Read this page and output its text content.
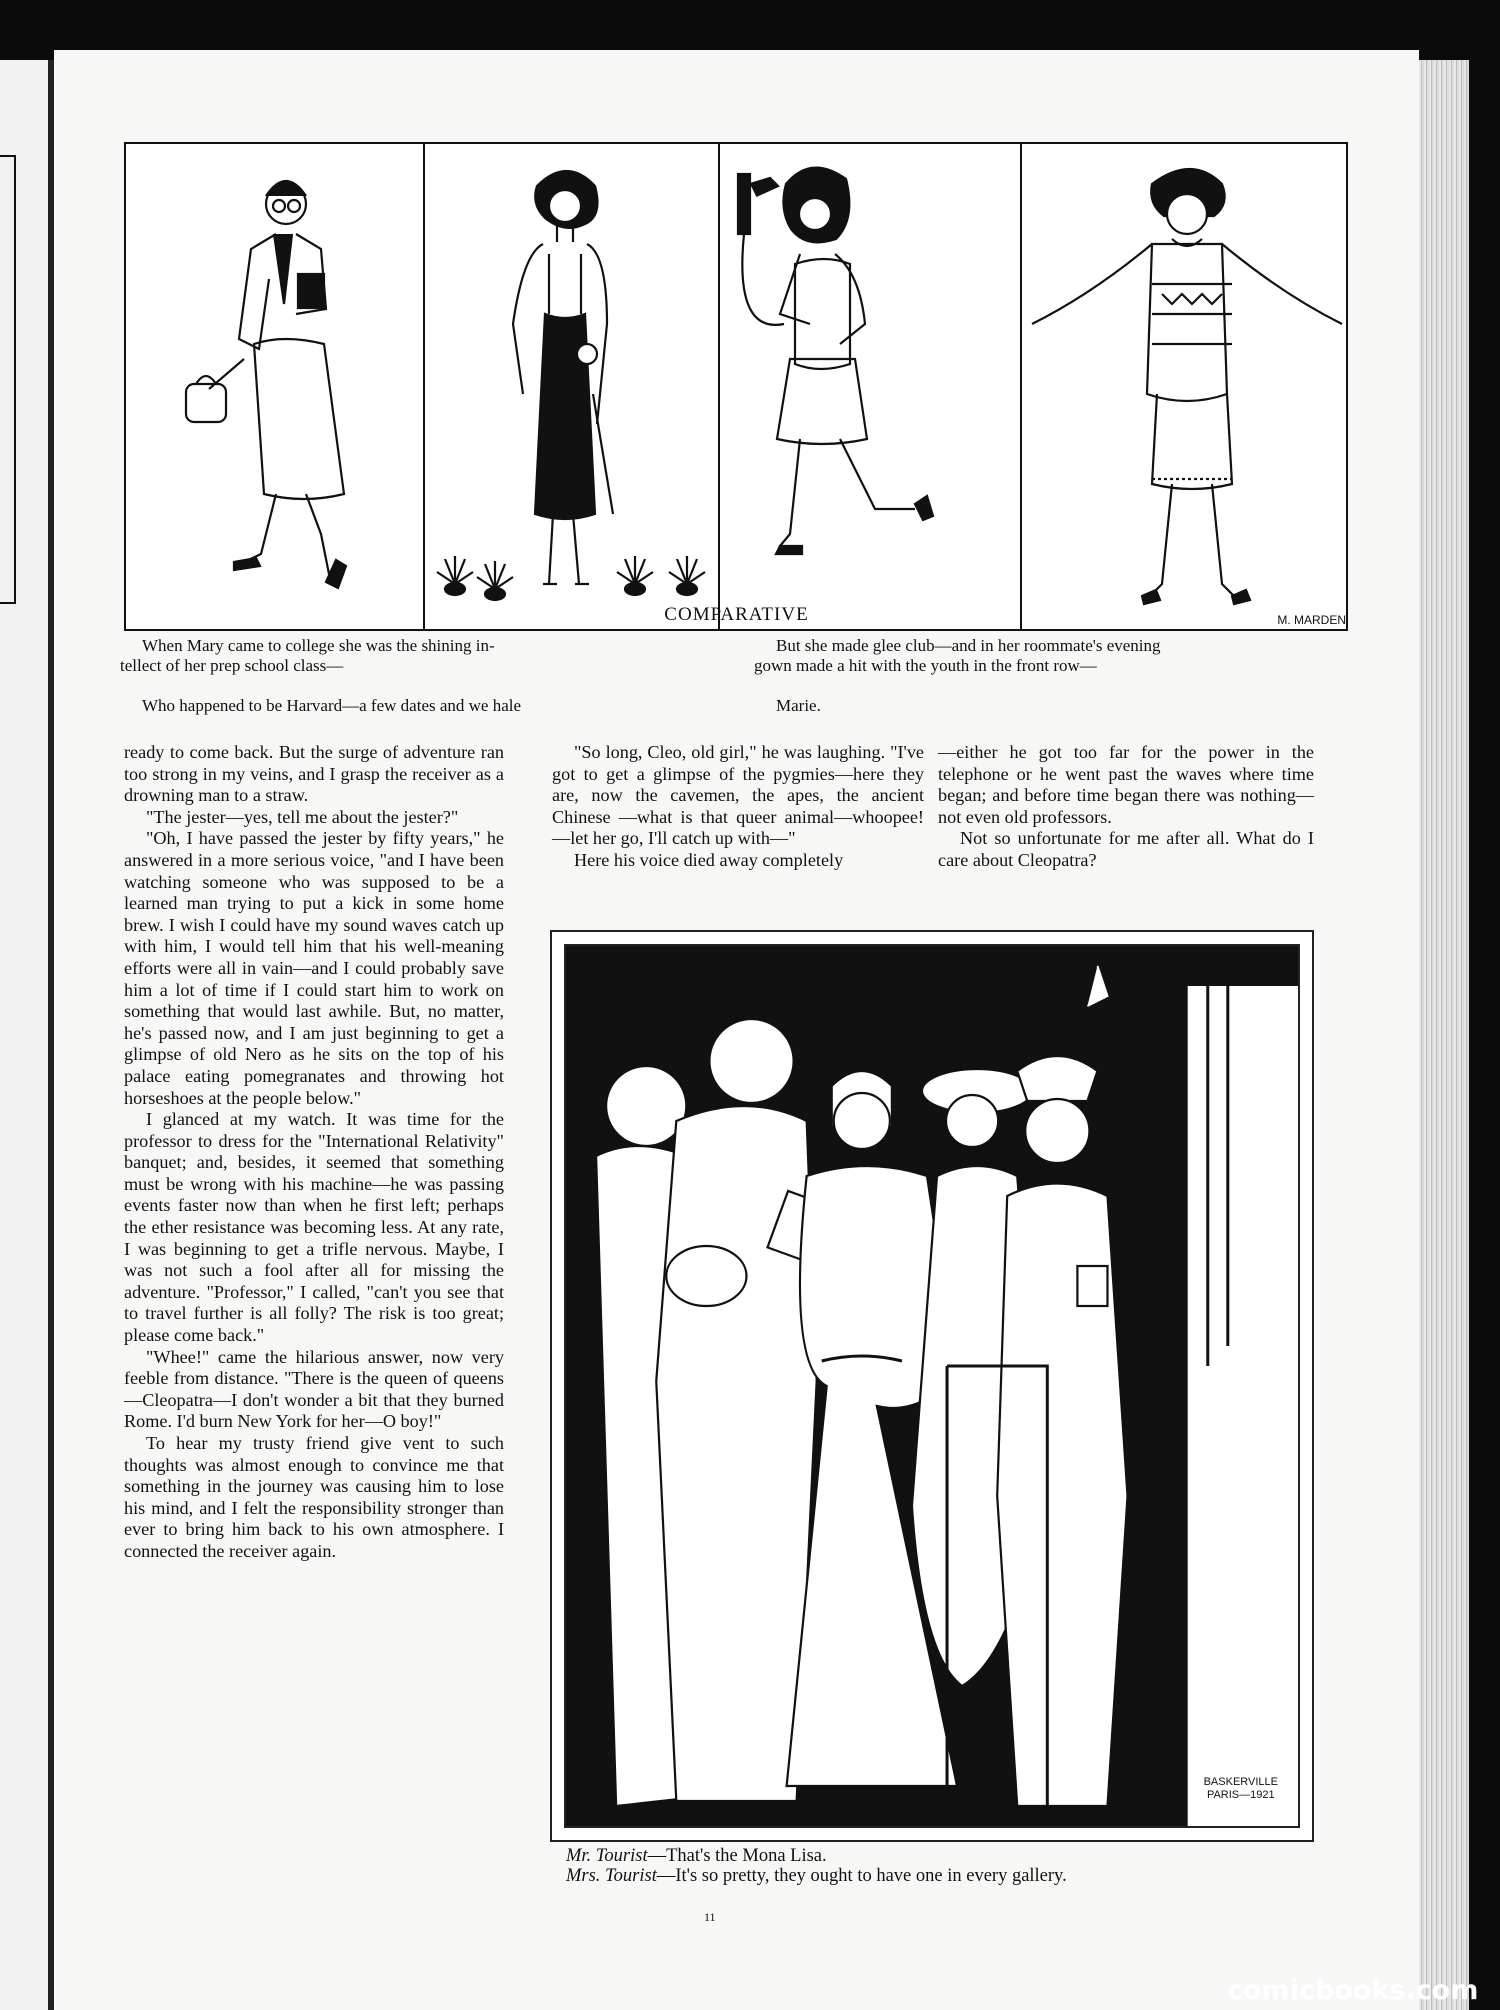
M. MARDEN
COMPARATIVE
When Mary came to college she was the shining in-
tellect of her prep school class—
Who happened to be Harvard—a few dates and we hale
But she made glee club—and in her roommate's evening
gown made a hit with the youth in the front row—
Marie.

ready to come back. But the surge of adventure ran too strong in my veins, and I grasp the receiver as a drowning man to a straw.

"The jester—yes, tell me about the jester?"

"Oh, I have passed the jester by fifty years," he answered in a more serious voice, "and I have been watching someone who was supposed to be a learned man trying to put a kick in some home brew. I wish I could have my sound waves catch up with him, I would tell him that his well-meaning efforts were all in vain—and I could probably save him a lot of time if I could start him to work on something that would last awhile. But, no matter, he's passed now, and I am just beginning to get a glimpse of old Nero as he sits on the top of his palace eating pomegranates and throwing hot horseshoes at the people below."

I glanced at my watch. It was time for the professor to dress for the "International Relativity" banquet; and, besides, it seemed that something must be wrong with his machine—he was passing events faster now than when he first left; perhaps the ether resistance was becoming less. At any rate, I was beginning to get a trifle nervous. Maybe, I was not such a fool after all for missing the adventure. "Professor," I called, "can't you see that to travel further is all folly? The risk is too great; please come back."

"Whee!" came the hilarious answer, now very feeble from distance. "There is the queen of queens—Cleopatra—I don't wonder a bit that they burned Rome. I'd burn New York for her—O boy!"

To hear my trusty friend give vent to such thoughts was almost enough to convince me that something in the journey was causing him to lose his mind, and I felt the responsibility stronger than ever to bring him back to his own atmosphere. I connected the receiver again.

"So long, Cleo, old girl," he was laughing. "I've got to get a glimpse of the pygmies—here they are, now the cavemen, the apes, the ancient Chinese —what is that queer animal—whoopee! —let her go, I'll catch up with—"

Here his voice died away completely

—either he got too far for the power in the telephone or he went past the waves where time began; and before time began there was nothing—not even old professors.

Not so unfortunate for me after all. What do I care about Cleopatra?

BASKERVILLE
PARIS—1921
Mr. Tourist—That's the Mona Lisa.
Mrs. Tourist—It's so pretty, they ought to have one in every gallery.
11
comicbooks.com
